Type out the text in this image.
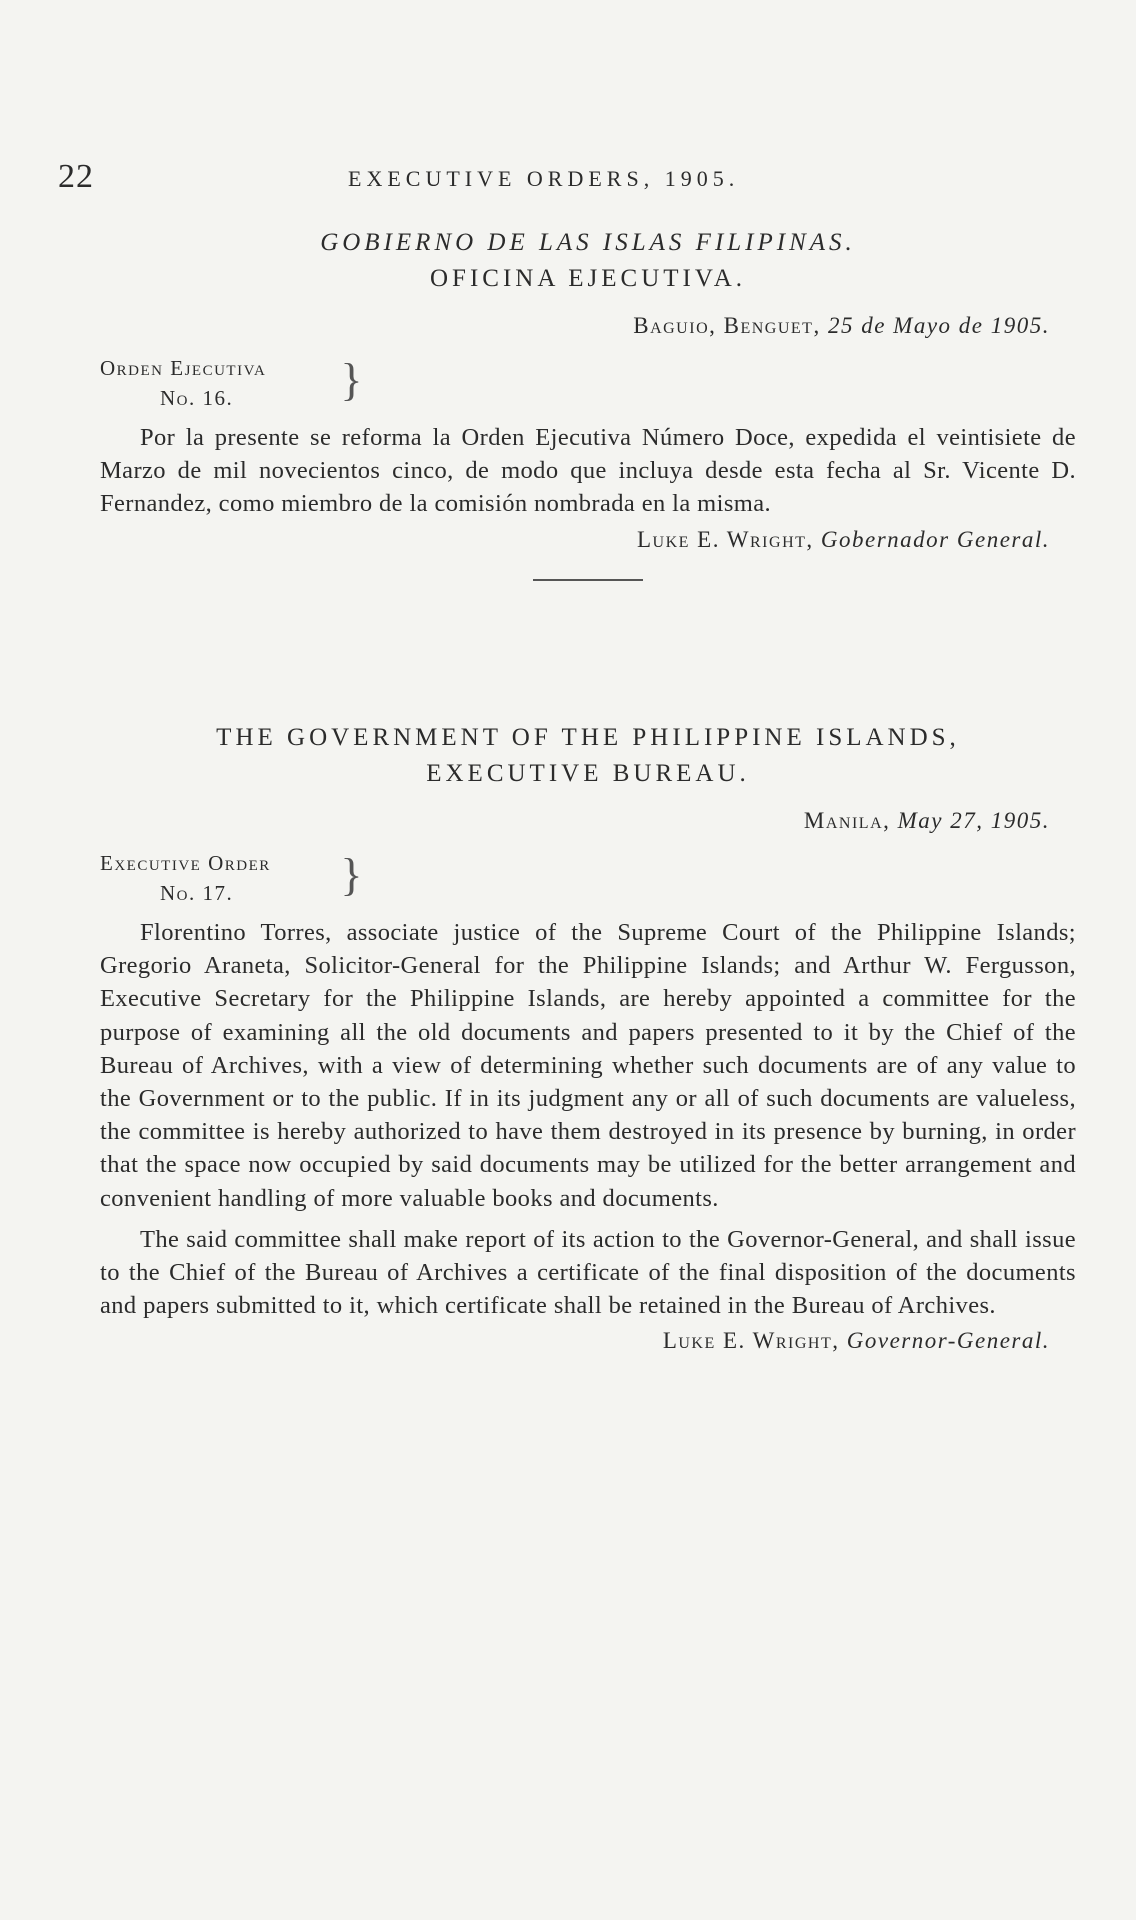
22	EXECUTIVE ORDERS, 1905.
GOBIERNO DE LAS ISLAS FILIPINAS.
OFICINA EJECUTIVA.
Baguio, Benguet, 25 de Mayo de 1905.
Orden Ejecutiva
No. 16.	}

Por la presente se reforma la Orden Ejecutiva Número Doce, expedida el veintisiete de Marzo de mil novecientos cinco, de modo que incluya desde esta fecha al Sr. Vicente D. Fernandez, como miembro de la comisión nombrada en la misma.

Luke E. Wright, Gobernador General.
THE GOVERNMENT OF THE PHILIPPINE ISLANDS,
EXECUTIVE BUREAU.
Manila, May 27, 1905.
Executive Order
No. 17.	}

Florentino Torres, associate justice of the Supreme Court of the Philippine Islands; Gregorio Araneta, Solicitor-General for the Philippine Islands; and Arthur W. Fergusson, Executive Secretary for the Philippine Islands, are hereby appointed a committee for the purpose of examining all the old documents and papers presented to it by the Chief of the Bureau of Archives, with a view of determining whether such documents are of any value to the Government or to the public. If in its judgment any or all of such documents are valueless, the committee is hereby authorized to have them destroyed in its presence by burning, in order that the space now occupied by said documents may be utilized for the better arrangement and convenient handling of more valuable books and documents.

The said committee shall make report of its action to the Governor-General, and shall issue to the Chief of the Bureau of Archives a certificate of the final disposition of the documents and papers submitted to it, which certificate shall be retained in the Bureau of Archives.

Luke E. Wright, Governor-General.
